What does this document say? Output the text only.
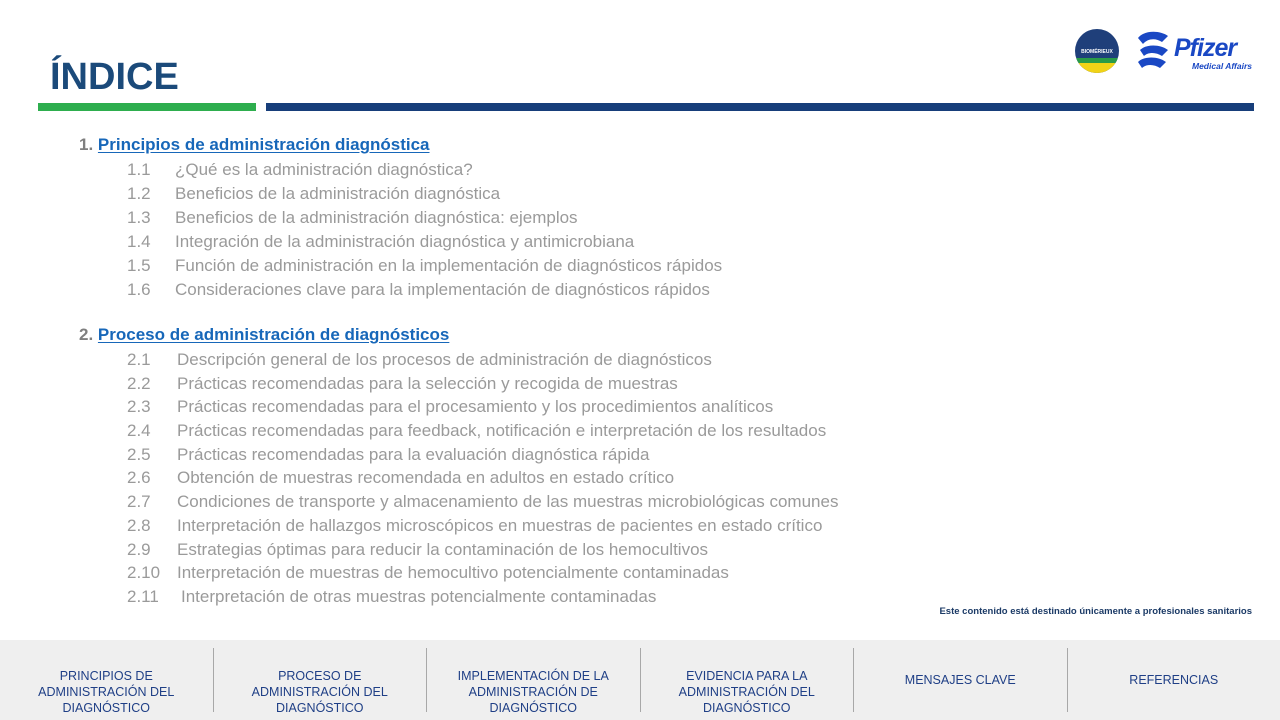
ÍNDICE
BIOMÉRIEUX Pfizer
Medical Affairs
1. Principios de administración diagnóstica
1.1 ¿Qué es la administración diagnóstica?
1.2 Beneficios de la administración diagnóstica
1.3 Beneficios de la administración diagnóstica: ejemplos
1.4 Integración de la administración diagnóstica y antimicrobiana
1.5 Función de administración en la implementación de diagnósticos rápidos
1.6 Consideraciones clave para la implementación de diagnósticos rápidos
2. Proceso de administración de diagnósticos
2.1 Descripción general de los procesos de administración de diagnósticos
2.2 Prácticas recomendadas para la selección y recogida de muestras
2.3 Prácticas recomendadas para el procesamiento y los procedimientos analíticos
2.4 Prácticas recomendadas para feedback, notificación e interpretación de los resultados
2.5 Prácticas recomendadas para la evaluación diagnóstica rápida
2.6 Obtención de muestras recomendada en adultos en estado crítico
2.7 Condiciones de transporte y almacenamiento de las muestras microbiológicas comunes
2.8 Interpretación de hallazgos microscópicos en muestras de pacientes en estado crítico
2.9 Estrategias óptimas para reducir la contaminación de los hemocultivos
2.10 Interpretación de muestras de hemocultivo potencialmente contaminadas
2.11 Interpretación de otras muestras potencialmente contaminadas
Este contenido está destinado únicamente a profesionales sanitarios
PRINCIPIOS DE
ADMINISTRACIÓN DEL
DIAGNÓSTICO
PROCESO DE
ADMINISTRACIÓN DEL
DIAGNÓSTICO
IMPLEMENTACIÓN DE LA
ADMINISTRACIÓN DE
DIAGNÓSTICO
EVIDENCIA PARA LA
ADMINISTRACIÓN DEL
DIAGNÓSTICO
MENSAJES CLAVE	REFERENCIAS
